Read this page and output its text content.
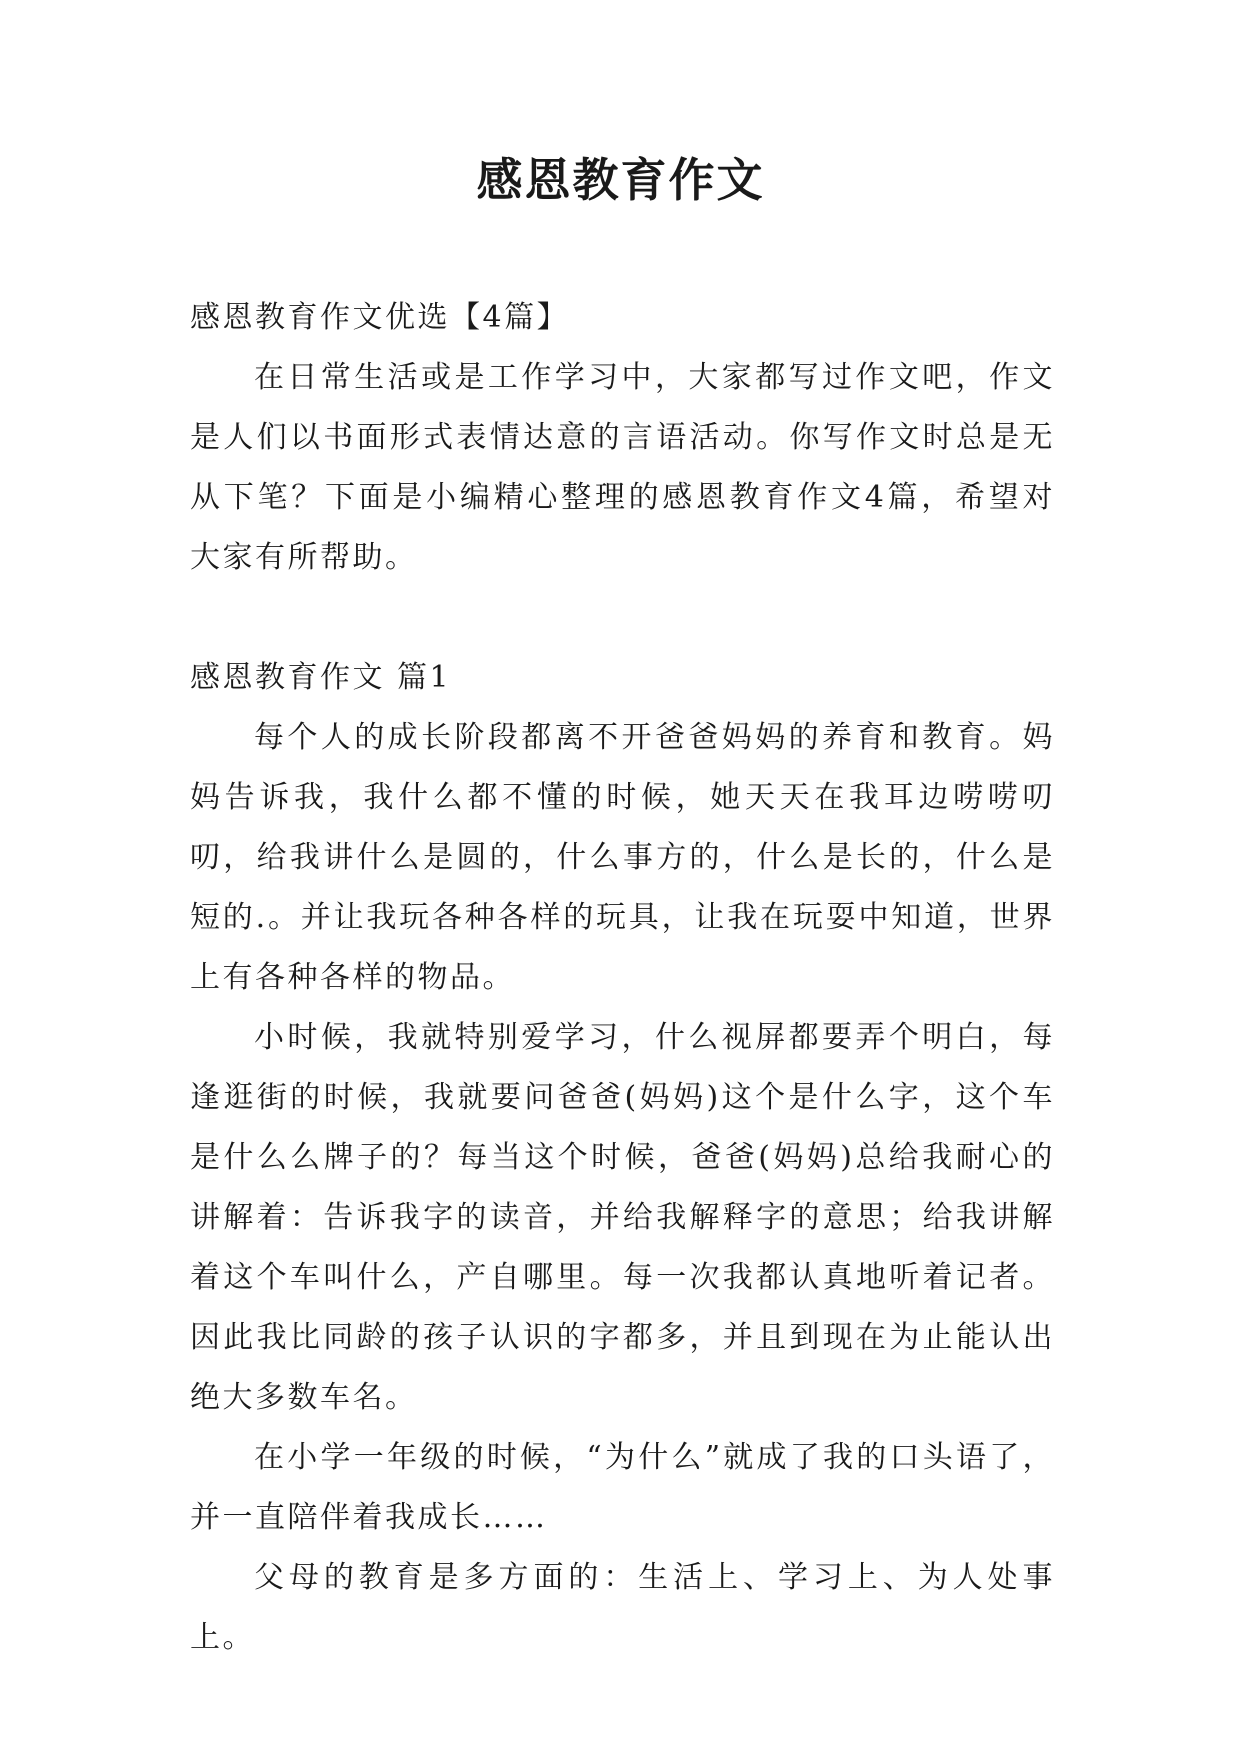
感恩教育作文

感恩教育作文优选【4篇】

在日常生活或是工作学习中，大家都写过作文吧，作文是人们以书面形式表情达意的言语活动。你写作文时总是无从下笔？下面是小编精心整理的感恩教育作文4篇，希望对大家有所帮助。

感恩教育作文 篇1

每个人的成长阶段都离不开爸爸妈妈的养育和教育。妈妈告诉我，我什么都不懂的时候，她天天在我耳边唠唠叨叨，给我讲什么是圆的，什么事方的，什么是长的，什么是短的.。并让我玩各种各样的玩具，让我在玩耍中知道，世界上有各种各样的物品。

小时候，我就特别爱学习，什么视屏都要弄个明白，每逢逛街的时候，我就要问爸爸(妈妈)这个是什么字，这个车是什么么牌子的？每当这个时候，爸爸(妈妈)总给我耐心的讲解着：告诉我字的读音，并给我解释字的意思；给我讲解着这个车叫什么，产自哪里。每一次我都认真地听着记者。因此我比同龄的孩子认识的字都多，并且到现在为止能认出绝大多数车名。

在小学一年级的时候，“为什么”就成了我的口头语了，并一直陪伴着我成长……

父母的教育是多方面的：生活上、学习上、为人处事上。
